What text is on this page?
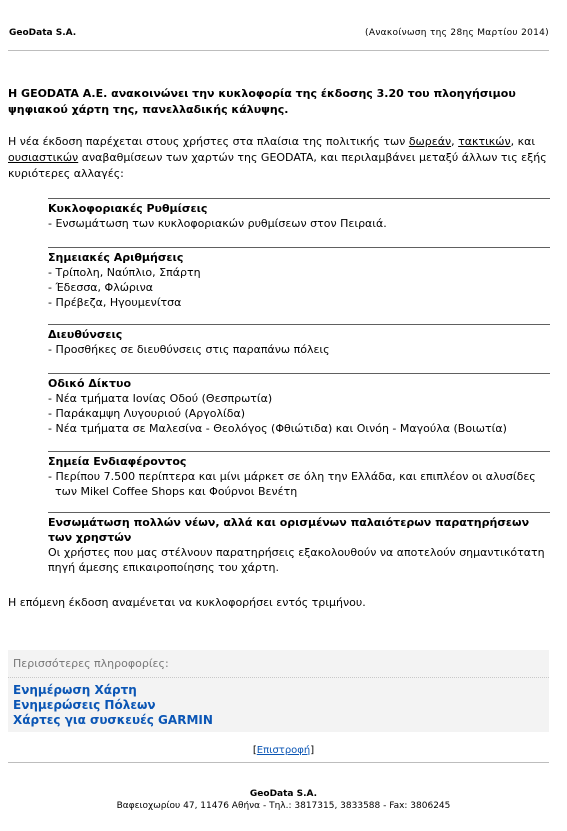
GeoData S.A.	(Ανακοίνωση της 28ης Μαρτίου 2014)
Η GEODATA A.E. ανακοινώνει την κυκλοφορία της έκδοσης 3.20 του πλοηγήσιμου ψηφιακού χάρτη της, πανελλαδικής κάλυψης.
Η νέα έκδοση παρέχεται στους χρήστες στα πλαίσια της πολιτικής των δωρεάν, τακτικών, και ουσιαστικών αναβαθμίσεων των χαρτών της GEODATA, και περιλαμβάνει μεταξύ άλλων τις εξής κυριότερες αλλαγές:
Κυκλοφοριακές Ρυθμίσεις
- Ενσωμάτωση των κυκλοφοριακών ρυθμίσεων στον Πειραιά.
Σημειακές Αριθμήσεις
- Τρίπολη, Ναύπλιο, Σπάρτη
- Έδεσσα, Φλώρινα
- Πρέβεζα, Ηγουμενίτσα
Διευθύνσεις
- Προσθήκες σε διευθύνσεις στις παραπάνω πόλεις
Οδικό Δίκτυο
- Νέα τμήματα Ιονίας Οδού (Θεσπρωτία)
- Παράκαμψη Λυγουριού (Αργολίδα)
- Νέα τμήματα σε Μαλεσίνα - Θεολόγος (Φθιώτιδα) και Οινόη - Μαγούλα (Βοιωτία)
Σημεία Ενδιαφέροντος
- Περίπου 7.500 περίπτερα και μίνι μάρκετ σε όλη την Ελλάδα, και επιπλέον οι αλυσίδες
των Mikel Coffee Shops και Φούρνοι Βενέτη
Ενσωμάτωση πολλών νέων, αλλά και ορισμένων παλαιότερων παρατηρήσεων των χρηστών
Οι χρήστες που μας στέλνουν παρατηρήσεις εξακολουθούν να αποτελούν σημαντικότατη πηγή άμεσης επικαιροποίησης του χάρτη.
Η επόμενη έκδοση αναμένεται να κυκλοφορήσει εντός τριμήνου.
Περισσότερες πληροφορίες:
Ενημέρωση Χάρτη
Ενημερώσεις Πόλεων
Χάρτες για συσκευές GARMIN
[Επιστροφή]
GeoData S.A.
Βαφειοχωρίου 47, 11476 Αθήνα - Τηλ.: 3817315, 3833588 - Fax: 3806245
